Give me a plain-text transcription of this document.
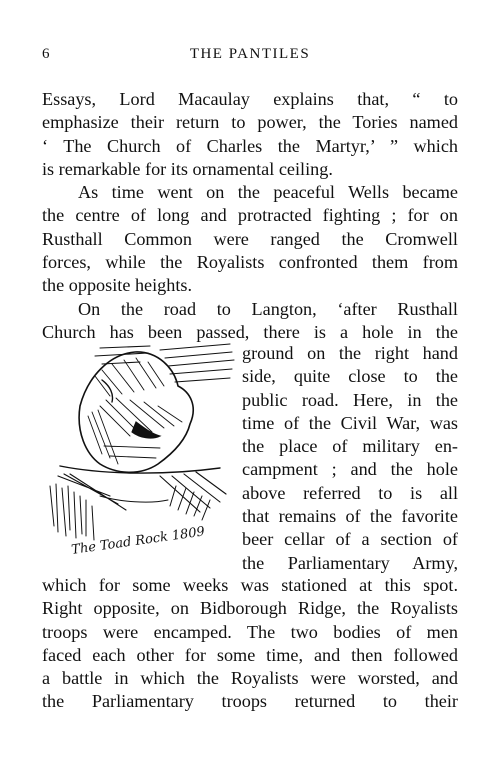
6	THE PANTILES

Essays, Lord Macaulay explains that, “ to

emphasize their return to power, the Tories named

‘ The Church of Charles the Martyr,’ ” which

is remarkable for its ornamental ceiling.

As time went on the peaceful Wells became

the centre of long and protracted fighting ; for on

Rusthall Common were ranged the Cromwell

forces, while the Royalists confronted them from

the opposite heights.

On the road to Langton, ʻafter Rusthall

Church has been passed, there is a hole in the

The Toad Rock 1809

ground on the right hand

side, quite close to the

public road. Here, in the

time of the Civil War, was

the place of military en-

campment ; and the hole

above referred to is all

that remains of the favorite

beer cellar of a section of

the Parliamentary Army,

which for some weeks was stationed at this spot.

Right opposite, on Bidborough Ridge, the Royalists

troops were encamped. The two bodies of men

faced each other for some time, and then followed

a battle in which the Royalists were worsted, and

the Parliamentary troops returned to their
